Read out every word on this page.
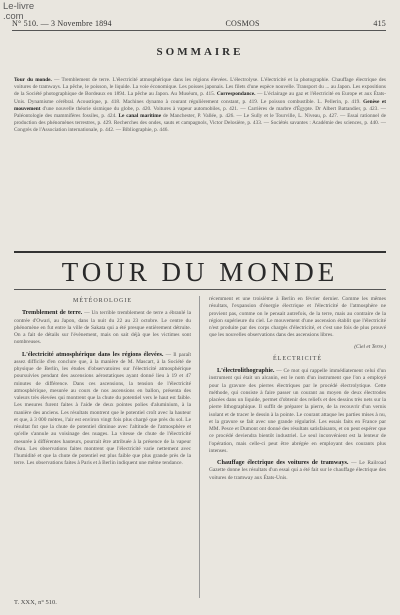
Le-livre
.com
N° 510. — 3 Novembre 1894	COSMOS	415
SOMMAIRE
Tour du monde. — Tremblement de terre. L'électricité atmosphérique dans les régions élevées. L'électrolyse. L'électricité et la photographie. Chauffage électrique des voitures de tramways. La pêche, le poisson, le liquide. La voie économique. Les poisses japonais. Les filets d'une espèce nouvelle. Transport du ... au Japon. Les expositions de la Société photographique de Bordeaux en 1894. La pêche au Japon. Au Muséum, p. 415. Correspondance. — L'éclairage au gaz et l'électricité en Europe et aux États-Unis. Dynamisme cérébral. Acoustique, p. 418. Machines dynamo à courant régulièrement constant, p. 419. Le poisson combustible. L. Pellerin, p. 419. Genèse et mouvement d'une nouvelle théorie sismique du globe, p. 420. Voitures à vapeur automobiles, p. 421. — Carrières de marbre d'Égypte. Dr Albert Battandier, p. 423. — Paléontologie des mammifères fossiles, p. 424. Le canal maritime de Manchester, P. Vallée, p. 426. — Le Sully et le Tourville, L. Niveau, p. 427. — Essai rationnel de production des phénomènes terrestres, p. 429. Recherches des ondes, sauts et campagnols, Victor Delosière, p. 433. — Sociétés savantes : Académie des sciences, p. 440. — Congrès de l'Association internationale, p. 442. — Bibliographie, p. 446.
TOUR DU MONDE
MÉTÉOROLOGIE

Tremblement de terre. — Un terrible tremblement de terre a ébranlé la contrée d'Owari, au Japon, dans la nuit du 22 au 23 octobre. Le centre du phénomène en fut entre la ville de Sakata qui a été presque entièrement détruite. On a fait de détails sur l'évènement, mais on sait déjà que les victimes sont nombreuses.

L'électricité atmosphérique dans les régions élevées. — Il paraît assez difficile d'en conclure que, à la manière de M. Mascart, à la Société de physique de Berlin, les études d'observatoires sur l'électricité atmosphérique poursuivies pendant des ascensions aérostatiques ayant donné lieu à 19 et 47 minutes de différence. Dans ces ascensions, la tension de l'électricité atmosphérique, mesurée au cours de nos ascensions en ballon, présenta des valeurs très élevées qui montrent que la chute du potentiel vers le haut est faible. Les mesures furent faites à l'aide de deux pointes polies d'aluminium, à la manière des anciens. Les résultats montrent que le potentiel croît avec la hauteur et que, à 3 000 mètres, l'air est environ vingt fois plus chargé que près du sol. Le résultat fut que la chute de potentiel diminue avec l'altitude de l'atmosphère et qu'elle s'annule au voisinage des nuages. La vitesse de chute de l'électricité mesurée à différentes hauteurs, pourrait être attribuée à la présence de la vapeur d'eau. Les observations faites montrent que l'électricité varie nettement avec l'humidité et que la chute de potentiel est plus faible que plus grande près de la terre. Les observations faites à Paris et à Berlin indiquent une même tendance.

récemment et une troisième à Berlin en février dernier. Comme les mêmes résultats, l'expansion d'énergie électrique et l'électricité de l'atmosphère ne provient pas, comme on le pensait autrefois, de la terre, mais au contraire de la région supérieure du ciel. Le mouvement d'une ascension établit que l'électricité n'est produite par des corps chargés d'électricité, et c'est une fois de plus prouvé que les nouvelles observations dans des ascensions libres.

(Ciel et Terre.)
ÉLECTRICITÉ

L'électrolithographie. — Ce mot qui rappelle immédiatement celui d'un instrument qui était un alcanin, est le nom d'un instrument que l'on a employé pour la gravure des pierres électriques par le procédé électrolytique. Cette méthode, qui consiste à faire passer un courant au moyen de deux électrodes placées dans un liquide, permet d'obtenir des reliefs et des dessins très nets sur la pierre lithographique. Il suffit de préparer la pierre, de la recouvrir d'un vernis isolant et de tracer le dessin à la pointe. Le courant attaque les parties mises à nu, et la gravure se fait avec une grande régularité. Les essais faits en France par MM. Pesce et Dumont ont donné des résultats satisfaisants, et on peut espérer que ce procédé deviendra bientôt industriel. Le seul inconvénient est la lenteur de l'opération, mais celle-ci peut être abrégée en employant des courants plus intenses.

Chauffage électrique des voitures de tramways. — Le Railroad Gazette donne les résultats d'un essai qui a été fait sur le chauffage électrique des voitures de tramway aux États-Unis.

T. XXX, n° 510.
